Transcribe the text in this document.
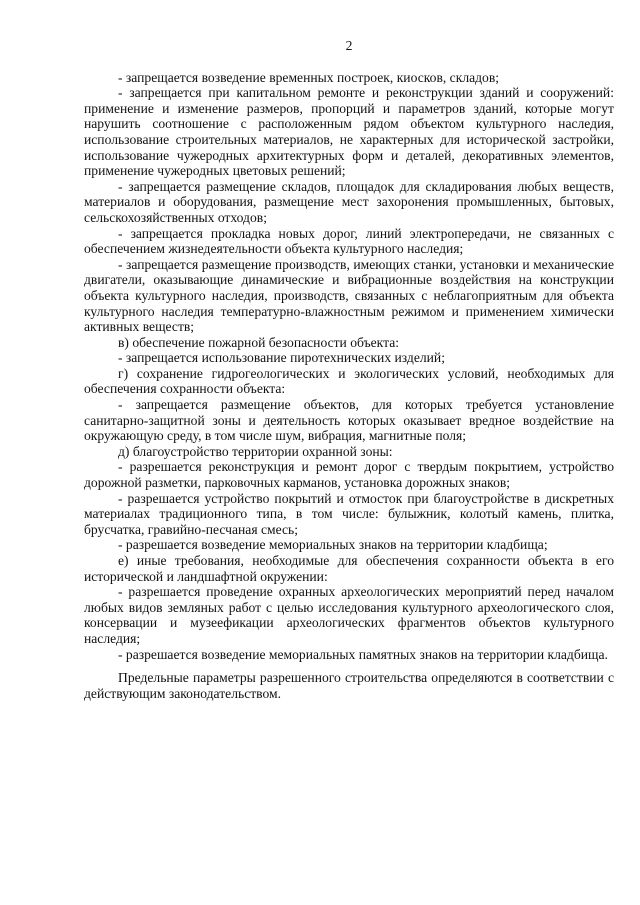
2

- запрещается возведение временных построек, киосков, складов;

- запрещается при капитальном ремонте и реконструкции зданий и сооружений: применение и изменение размеров, пропорций и параметров зданий, которые могут нарушить соотношение с расположенным рядом объектом культурного наследия, использование строительных материалов, не характерных для исторической застройки, использование чужеродных архитектурных форм и деталей, декоративных элементов, применение чужеродных цветовых решений;

- запрещается размещение складов, площадок для складирования любых веществ, материалов и оборудования, размещение мест захоронения промышленных, бытовых, сельскохозяйственных отходов;

- запрещается прокладка новых дорог, линий электропередачи, не связанных с обеспечением жизнедеятельности объекта культурного наследия;

- запрещается размещение производств, имеющих станки, установки и механические двигатели, оказывающие динамические и вибрационные воздействия на конструкции объекта культурного наследия, производств, связанных с неблагоприятным для объекта культурного наследия температурно-влажностным режимом и применением химически активных веществ;

в) обеспечение пожарной безопасности объекта:

- запрещается использование пиротехнических изделий;

г) сохранение гидрогеологических и экологических условий, необходимых для обеспечения сохранности объекта:

- запрещается размещение объектов, для которых требуется установление санитарно-защитной зоны и деятельность которых оказывает вредное воздействие на окружающую среду, в том числе шум, вибрация, магнитные поля;

д) благоустройство территории охранной зоны:

- разрешается реконструкция и ремонт дорог с твердым покрытием, устройство дорожной разметки, парковочных карманов, установка дорожных знаков;

- разрешается устройство покрытий и отмосток при благоустройстве в дискретных материалах традиционного типа, в том числе: булыжник, колотый камень, плитка, брусчатка, гравийно-песчаная смесь;

- разрешается возведение мемориальных знаков на территории кладбища;

е) иные требования, необходимые для обеспечения сохранности объекта в его исторической и ландшафтной окружении:

- разрешается проведение охранных археологических мероприятий перед началом любых видов земляных работ с целью исследования культурного археологического слоя, консервации и музеефикации археологических фрагментов объектов культурного наследия;

- разрешается возведение мемориальных памятных знаков на территории кладбища.

Предельные параметры разрешенного строительства определяются в соответствии с действующим законодательством.
